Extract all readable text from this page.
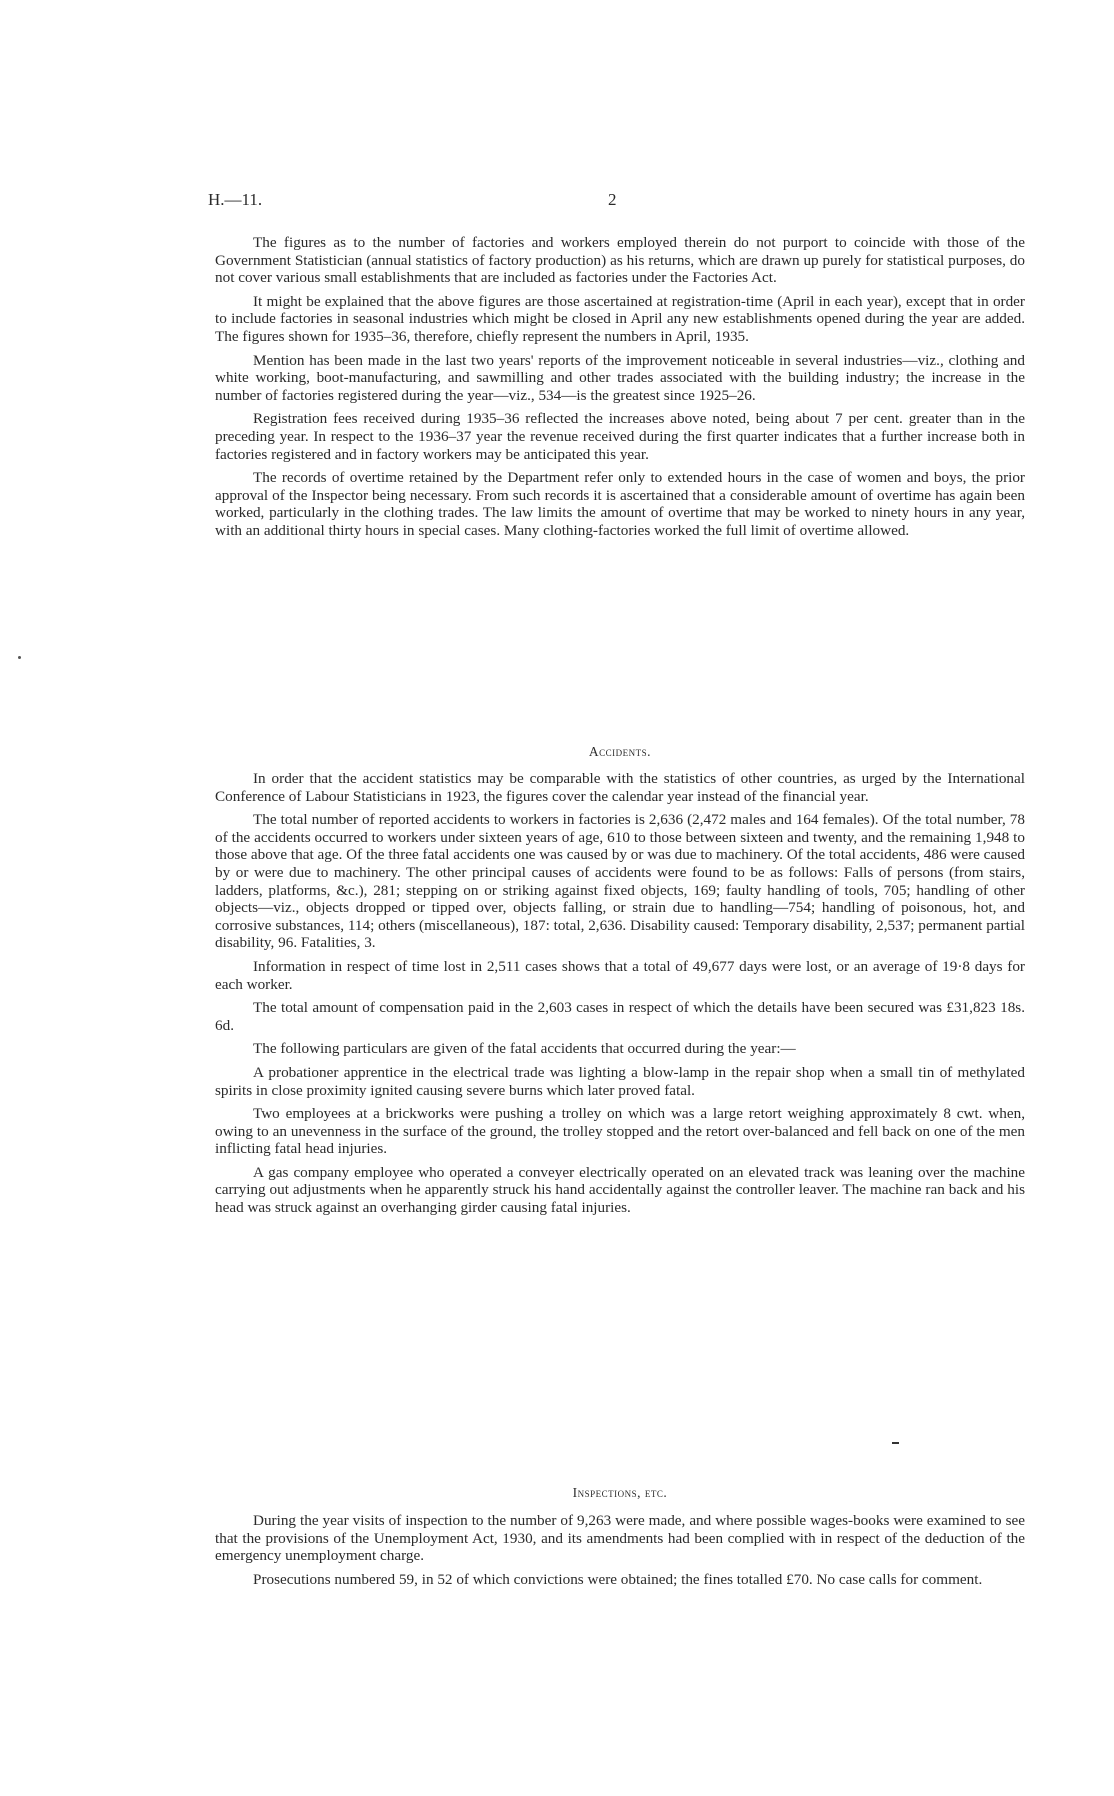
H.—11.	2

The figures as to the number of factories and workers employed therein do not purport to coincide with those of the Government Statistician (annual statistics of factory production) as his returns, which are drawn up purely for statistical purposes, do not cover various small establishments that are included as factories under the Factories Act.

It might be explained that the above figures are those ascertained at registration-time (April in each year), except that in order to include factories in seasonal industries which might be closed in April any new establishments opened during the year are added. The figures shown for 1935–36, therefore, chiefly represent the numbers in April, 1935.

Mention has been made in the last two years' reports of the improvement noticeable in several industries—viz., clothing and white working, boot-manufacturing, and sawmilling and other trades associated with the building industry; the increase in the number of factories registered during the year—viz., 534—is the greatest since 1925–26.

Registration fees received during 1935–36 reflected the increases above noted, being about 7 per cent. greater than in the preceding year. In respect to the 1936–37 year the revenue received during the first quarter indicates that a further increase both in factories registered and in factory workers may be anticipated this year.

The records of overtime retained by the Department refer only to extended hours in the case of women and boys, the prior approval of the Inspector being necessary. From such records it is ascertained that a considerable amount of overtime has again been worked, particularly in the clothing trades. The law limits the amount of overtime that may be worked to ninety hours in any year, with an additional thirty hours in special cases. Many clothing-factories worked the full limit of overtime allowed.

Accidents.

In order that the accident statistics may be comparable with the statistics of other countries, as urged by the International Conference of Labour Statisticians in 1923, the figures cover the calendar year instead of the financial year.

The total number of reported accidents to workers in factories is 2,636 (2,472 males and 164 females). Of the total number, 78 of the accidents occurred to workers under sixteen years of age, 610 to those between sixteen and twenty, and the remaining 1,948 to those above that age. Of the three fatal accidents one was caused by or was due to machinery. Of the total accidents, 486 were caused by or were due to machinery. The other principal causes of accidents were found to be as follows: Falls of persons (from stairs, ladders, platforms, &c.), 281; stepping on or striking against fixed objects, 169; faulty handling of tools, 705; handling of other objects—viz., objects dropped or tipped over, objects falling, or strain due to handling—754; handling of poisonous, hot, and corrosive substances, 114; others (miscellaneous), 187: total, 2,636. Disability caused: Temporary disability, 2,537; permanent partial disability, 96. Fatalities, 3.

Information in respect of time lost in 2,511 cases shows that a total of 49,677 days were lost, or an average of 19·8 days for each worker.

The total amount of compensation paid in the 2,603 cases in respect of which the details have been secured was £31,823 18s. 6d.

The following particulars are given of the fatal accidents that occurred during the year:—

A probationer apprentice in the electrical trade was lighting a blow-lamp in the repair shop when a small tin of methylated spirits in close proximity ignited causing severe burns which later proved fatal.

Two employees at a brickworks were pushing a trolley on which was a large retort weighing approximately 8 cwt. when, owing to an unevenness in the surface of the ground, the trolley stopped and the retort over-balanced and fell back on one of the men inflicting fatal head injuries.

A gas company employee who operated a conveyer electrically operated on an elevated track was leaning over the machine carrying out adjustments when he apparently struck his hand accidentally against the controller leaver. The machine ran back and his head was struck against an overhanging girder causing fatal injuries.

Inspections, etc.

During the year visits of inspection to the number of 9,263 were made, and where possible wages-books were examined to see that the provisions of the Unemployment Act, 1930, and its amendments had been complied with in respect of the deduction of the emergency unemployment charge.

Prosecutions numbered 59, in 52 of which convictions were obtained; the fines totalled £70. No case calls for comment.
